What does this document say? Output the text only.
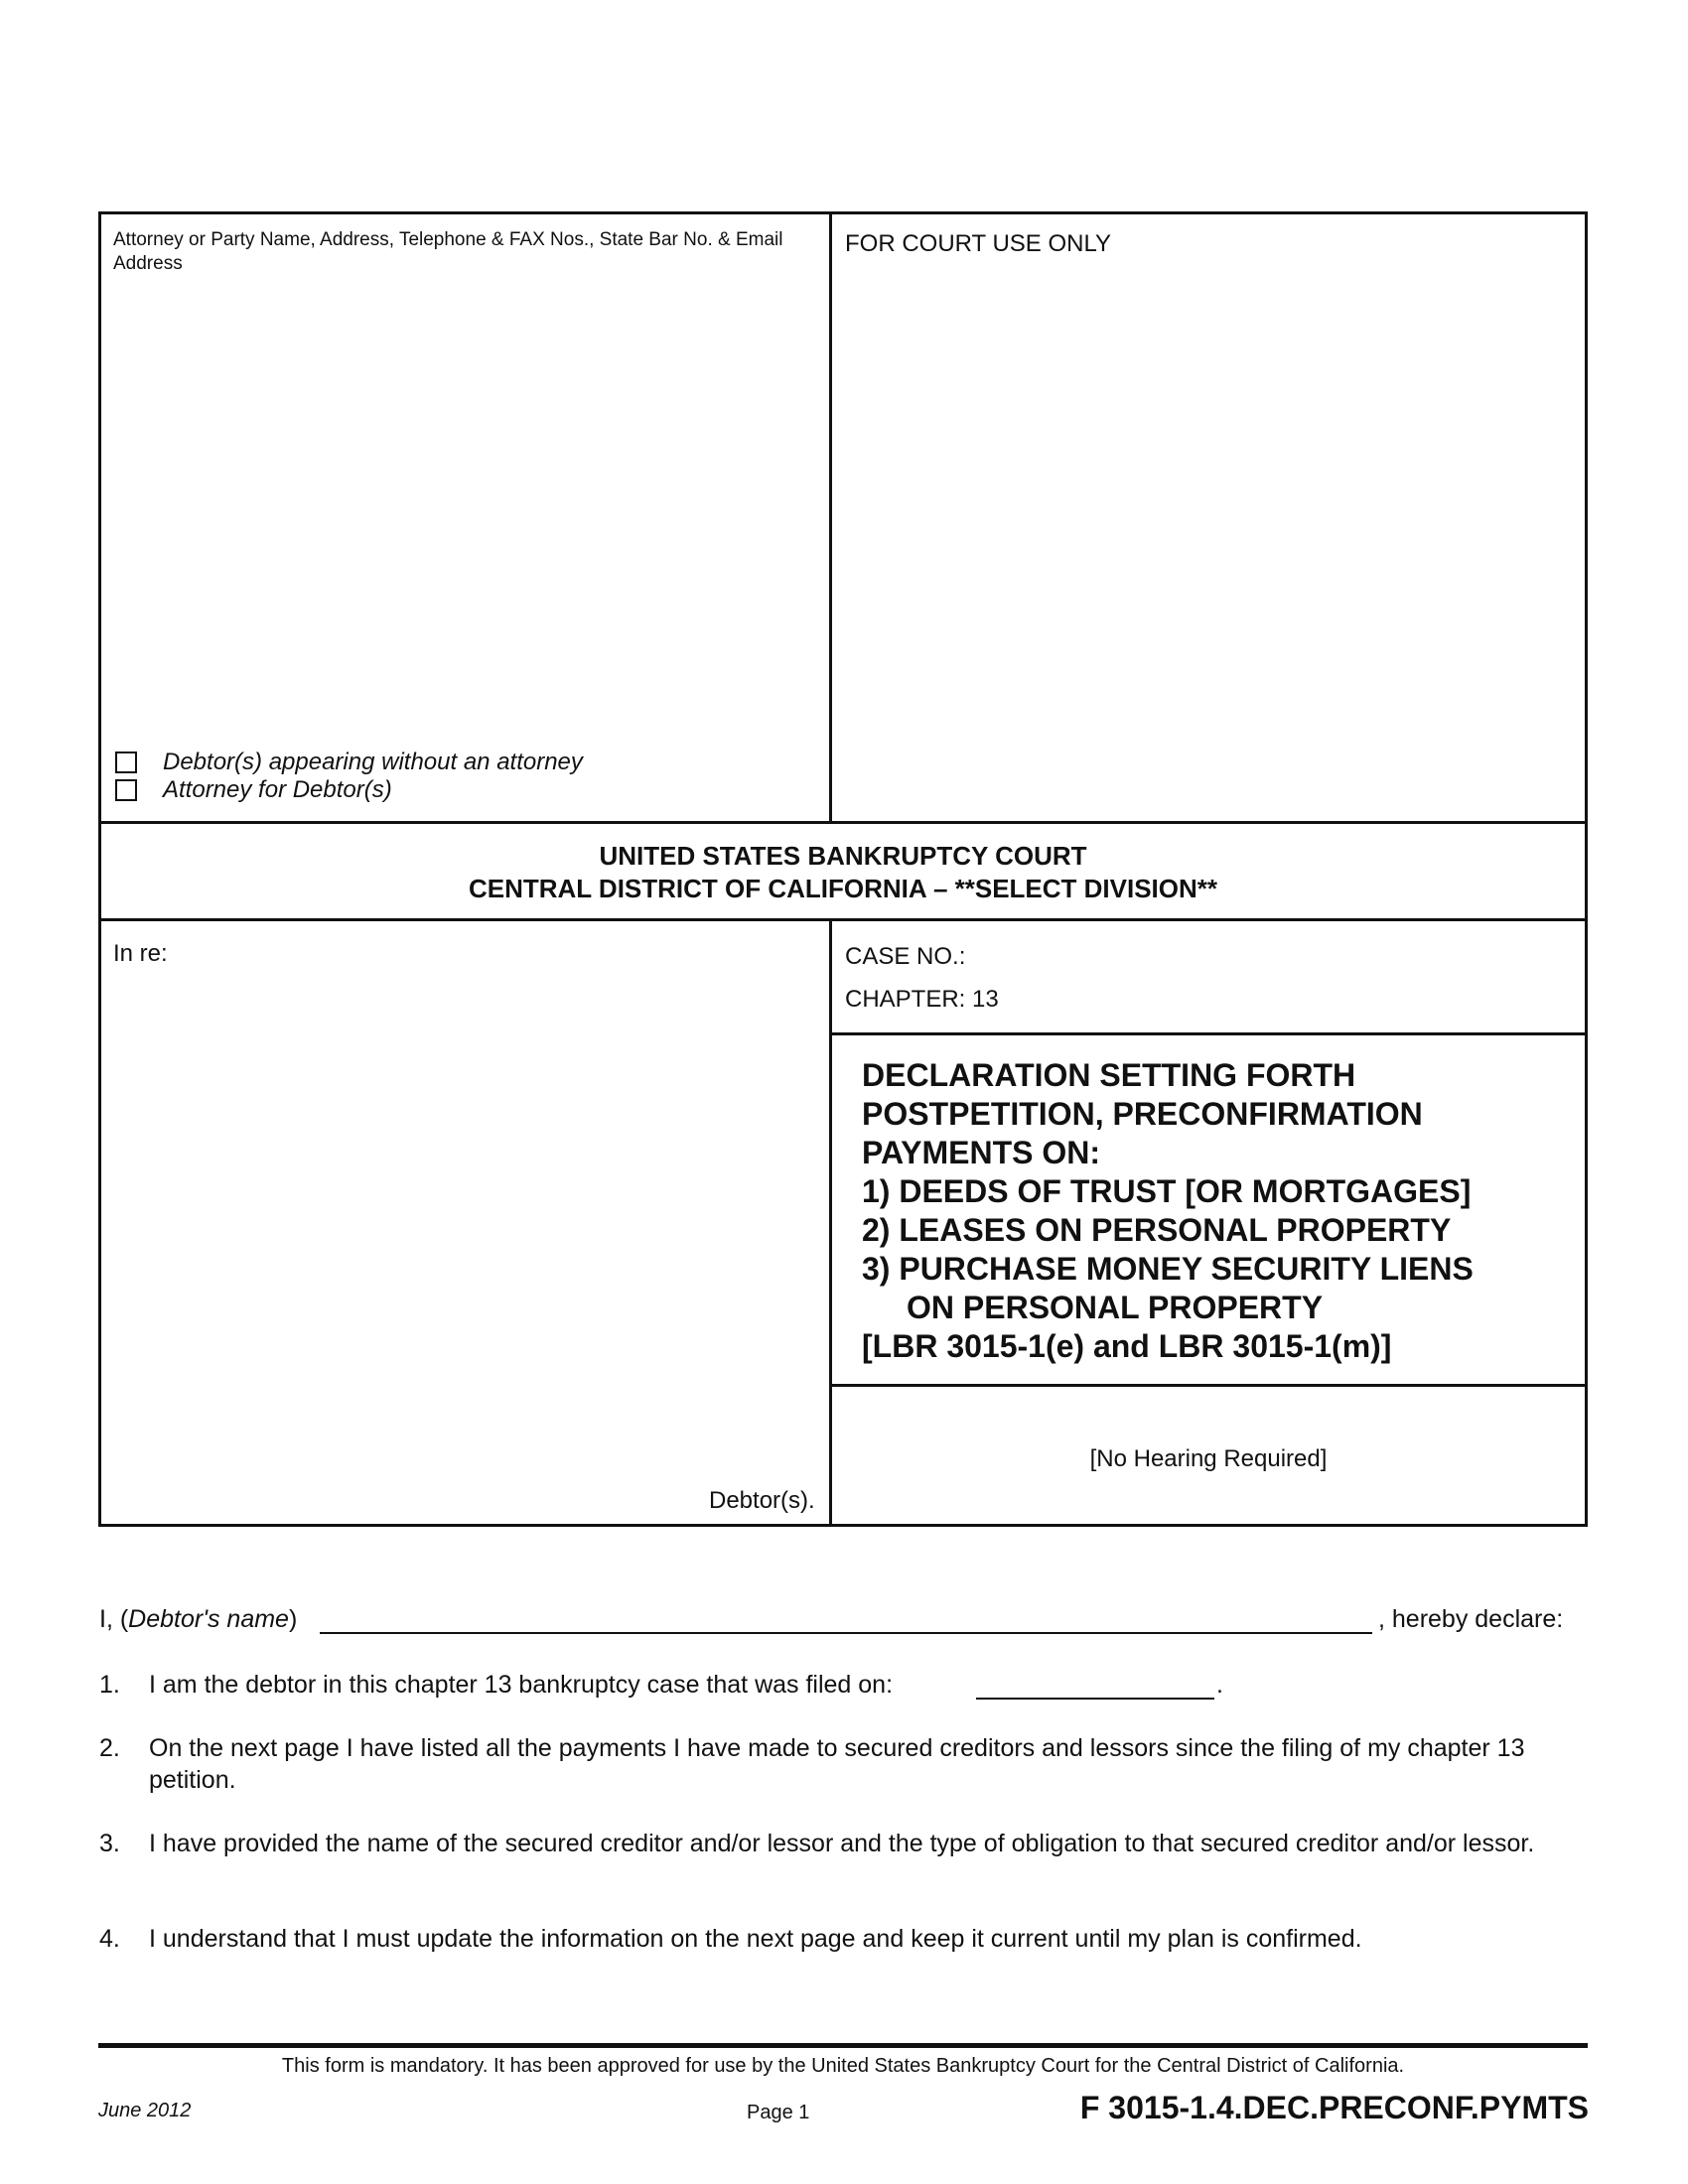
Attorney or Party Name, Address, Telephone & FAX Nos., State Bar No. & Email Address
FOR COURT USE ONLY
Debtor(s) appearing without an attorney
Attorney for Debtor(s)
UNITED STATES BANKRUPTCY COURT
CENTRAL DISTRICT OF CALIFORNIA – **SELECT DIVISION**
In re:
Debtor(s).
CASE NO.:
CHAPTER: 13
DECLARATION SETTING FORTH
POSTPETITION, PRECONFIRMATION
PAYMENTS ON:
1) DEEDS OF TRUST [OR MORTGAGES]
2) LEASES ON PERSONAL PROPERTY
3) PURCHASE MONEY SECURITY LIENS
ON PERSONAL PROPERTY
[LBR 3015-1(e) and LBR 3015-1(m)]
[No Hearing Required]
I, (Debtor's name)	, hereby declare:
1. I am the debtor in this chapter 13 bankruptcy case that was filed on:	.
2. On the next page I have listed all the payments I have made to secured creditors and lessors since the filing of my chapter 13 petition.
3. I have provided the name of the secured creditor and/or lessor and the type of obligation to that secured creditor and/or lessor.
4. I understand that I must update the information on the next page and keep it current until my plan is confirmed.
This form is mandatory. It has been approved for use by the United States Bankruptcy Court for the Central District of California.
June 2012	Page 1	F 3015-1.4.DEC.PRECONF.PYMTS
